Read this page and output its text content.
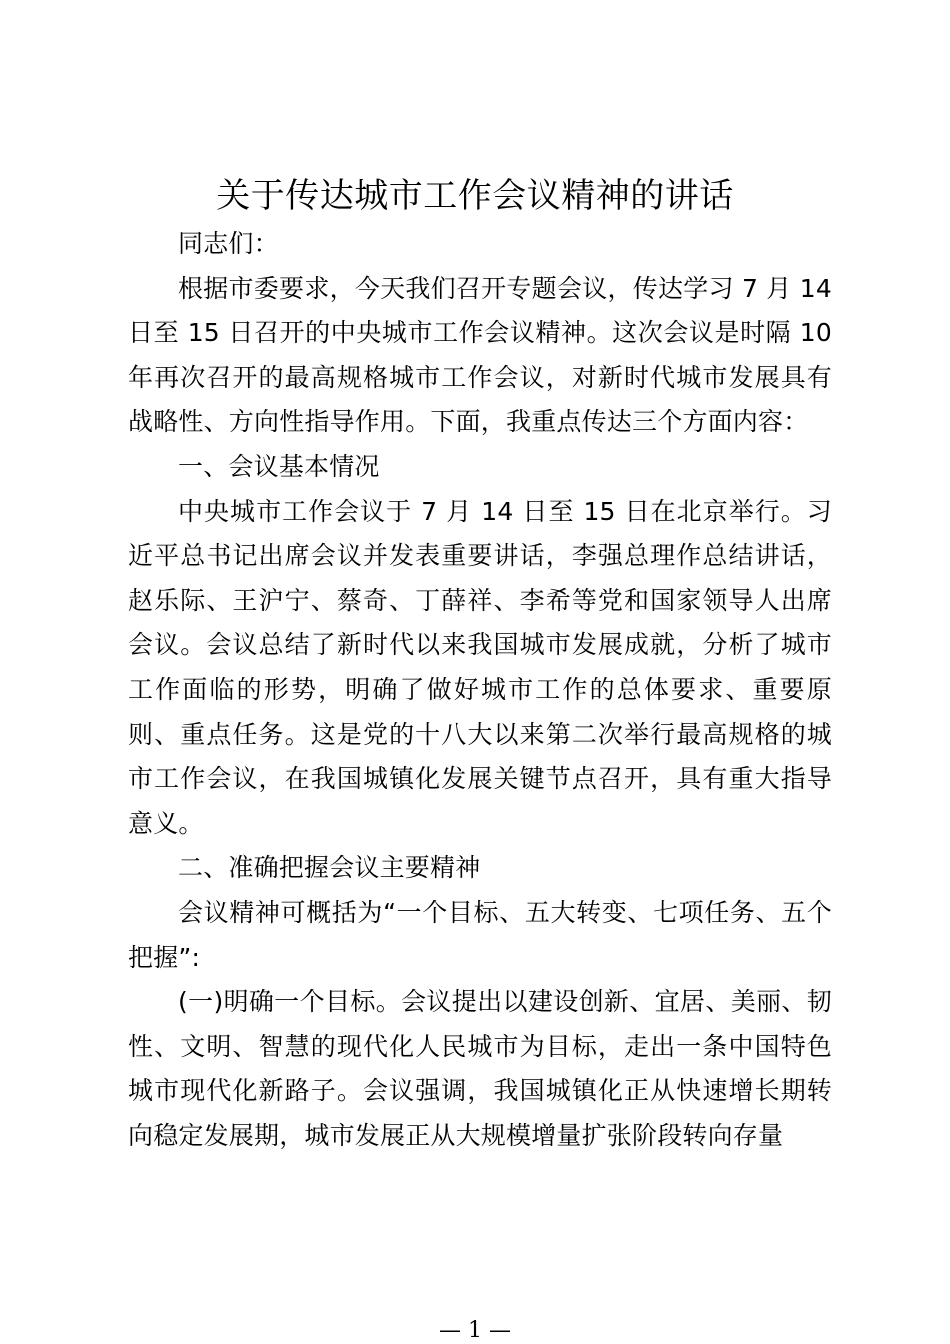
关于传达城市工作会议精神的讲话

同志们：

根据市委要求，今天我们召开专题会议，传达学习 7 月 14 日至 15 日召开的中央城市工作会议精神。这次会议是时隔 10 年再次召开的最高规格城市工作会议，对新时代城市发展具有战略性、方向性指导作用。下面，我重点传达三个方面内容：

一、会议基本情况

中央城市工作会议于 7 月 14 日至 15 日在北京举行。习近平总书记出席会议并发表重要讲话，李强总理作总结讲话，赵乐际、王沪宁、蔡奇、丁薛祥、李希等党和国家领导人出席会议。会议总结了新时代以来我国城市发展成就，分析了城市工作面临的形势，明确了做好城市工作的总体要求、重要原则、重点任务。这是党的十八大以来第二次举行最高规格的城市工作会议，在我国城镇化发展关键节点召开，具有重大指导意义。

二、准确把握会议主要精神

会议精神可概括为“一个目标、五大转变、七项任务、五个把握”:

(一)明确一个目标。会议提出以建设创新、宜居、美丽、韧性、文明、智慧的现代化人民城市为目标，走出一条中国特色城市现代化新路子。会议强调，我国城镇化正从快速增长期转向稳定发展期，城市发展正从大规模增量扩张阶段转向存量

— 1 —
